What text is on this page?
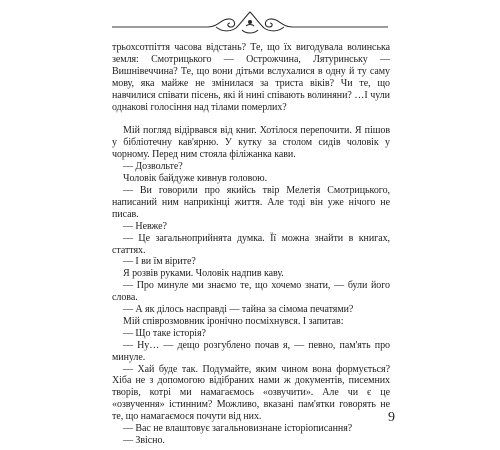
трьохсотпіття часова відстань? Те, що їх вигодувала волинська земля: Смотрицького — Острожчина, Лятуринську — Вишнівеччина? Те, що вони дітьми вслухалися в одну й ту саму мову, яка майже не змінилася за триста віків? Чи те, що навчилися співати пісень, які й нині співають волиняни? …І чули однакові голосіння над тілами померлих?

Мій погляд відірвався від книг. Хотілося перепочити. Я пішов у бібліотечну кав'ярню. У кутку за столом сидів чоловік у чорному. Перед ним стояла філіжанка кави.

— Дозвольте?

Чоловік байдуже кивнув головою.

— Ви говорили про якийсь твір Мелетія Смотрицького, написаний ним наприкінці життя. Але тоді він уже нічого не писав.

— Невже?

— Це загальноприйнята думка. Її можна знайти в книгах, статтях.

— І ви їм вірите?

Я розвів руками. Чоловік надпив каву.

— Про минуле ми знаємо те, що хочемо знати, — були його слова.

— А як ділось насправді — тайна за сімома печатями?

Мій співрозмовник іронічно посміхнувся. І запитав:

— Що таке історія?

— Ну… — дещо розгублено почав я, — певно, пам'ять про минуле.

— Хай буде так. Подумайте, яким чином вона формується? Хіба не з допомогою відібраних нами ж документів, писемних творів, котрі ми намагаємось «озвучити». Але чи є це «озвучення» істинним? Можливо, вказані пам'ятки говорять не те, що намагаємося почути від них.

— Вас не влаштовує загальновизнане історіописання?

— Звісно.

9
